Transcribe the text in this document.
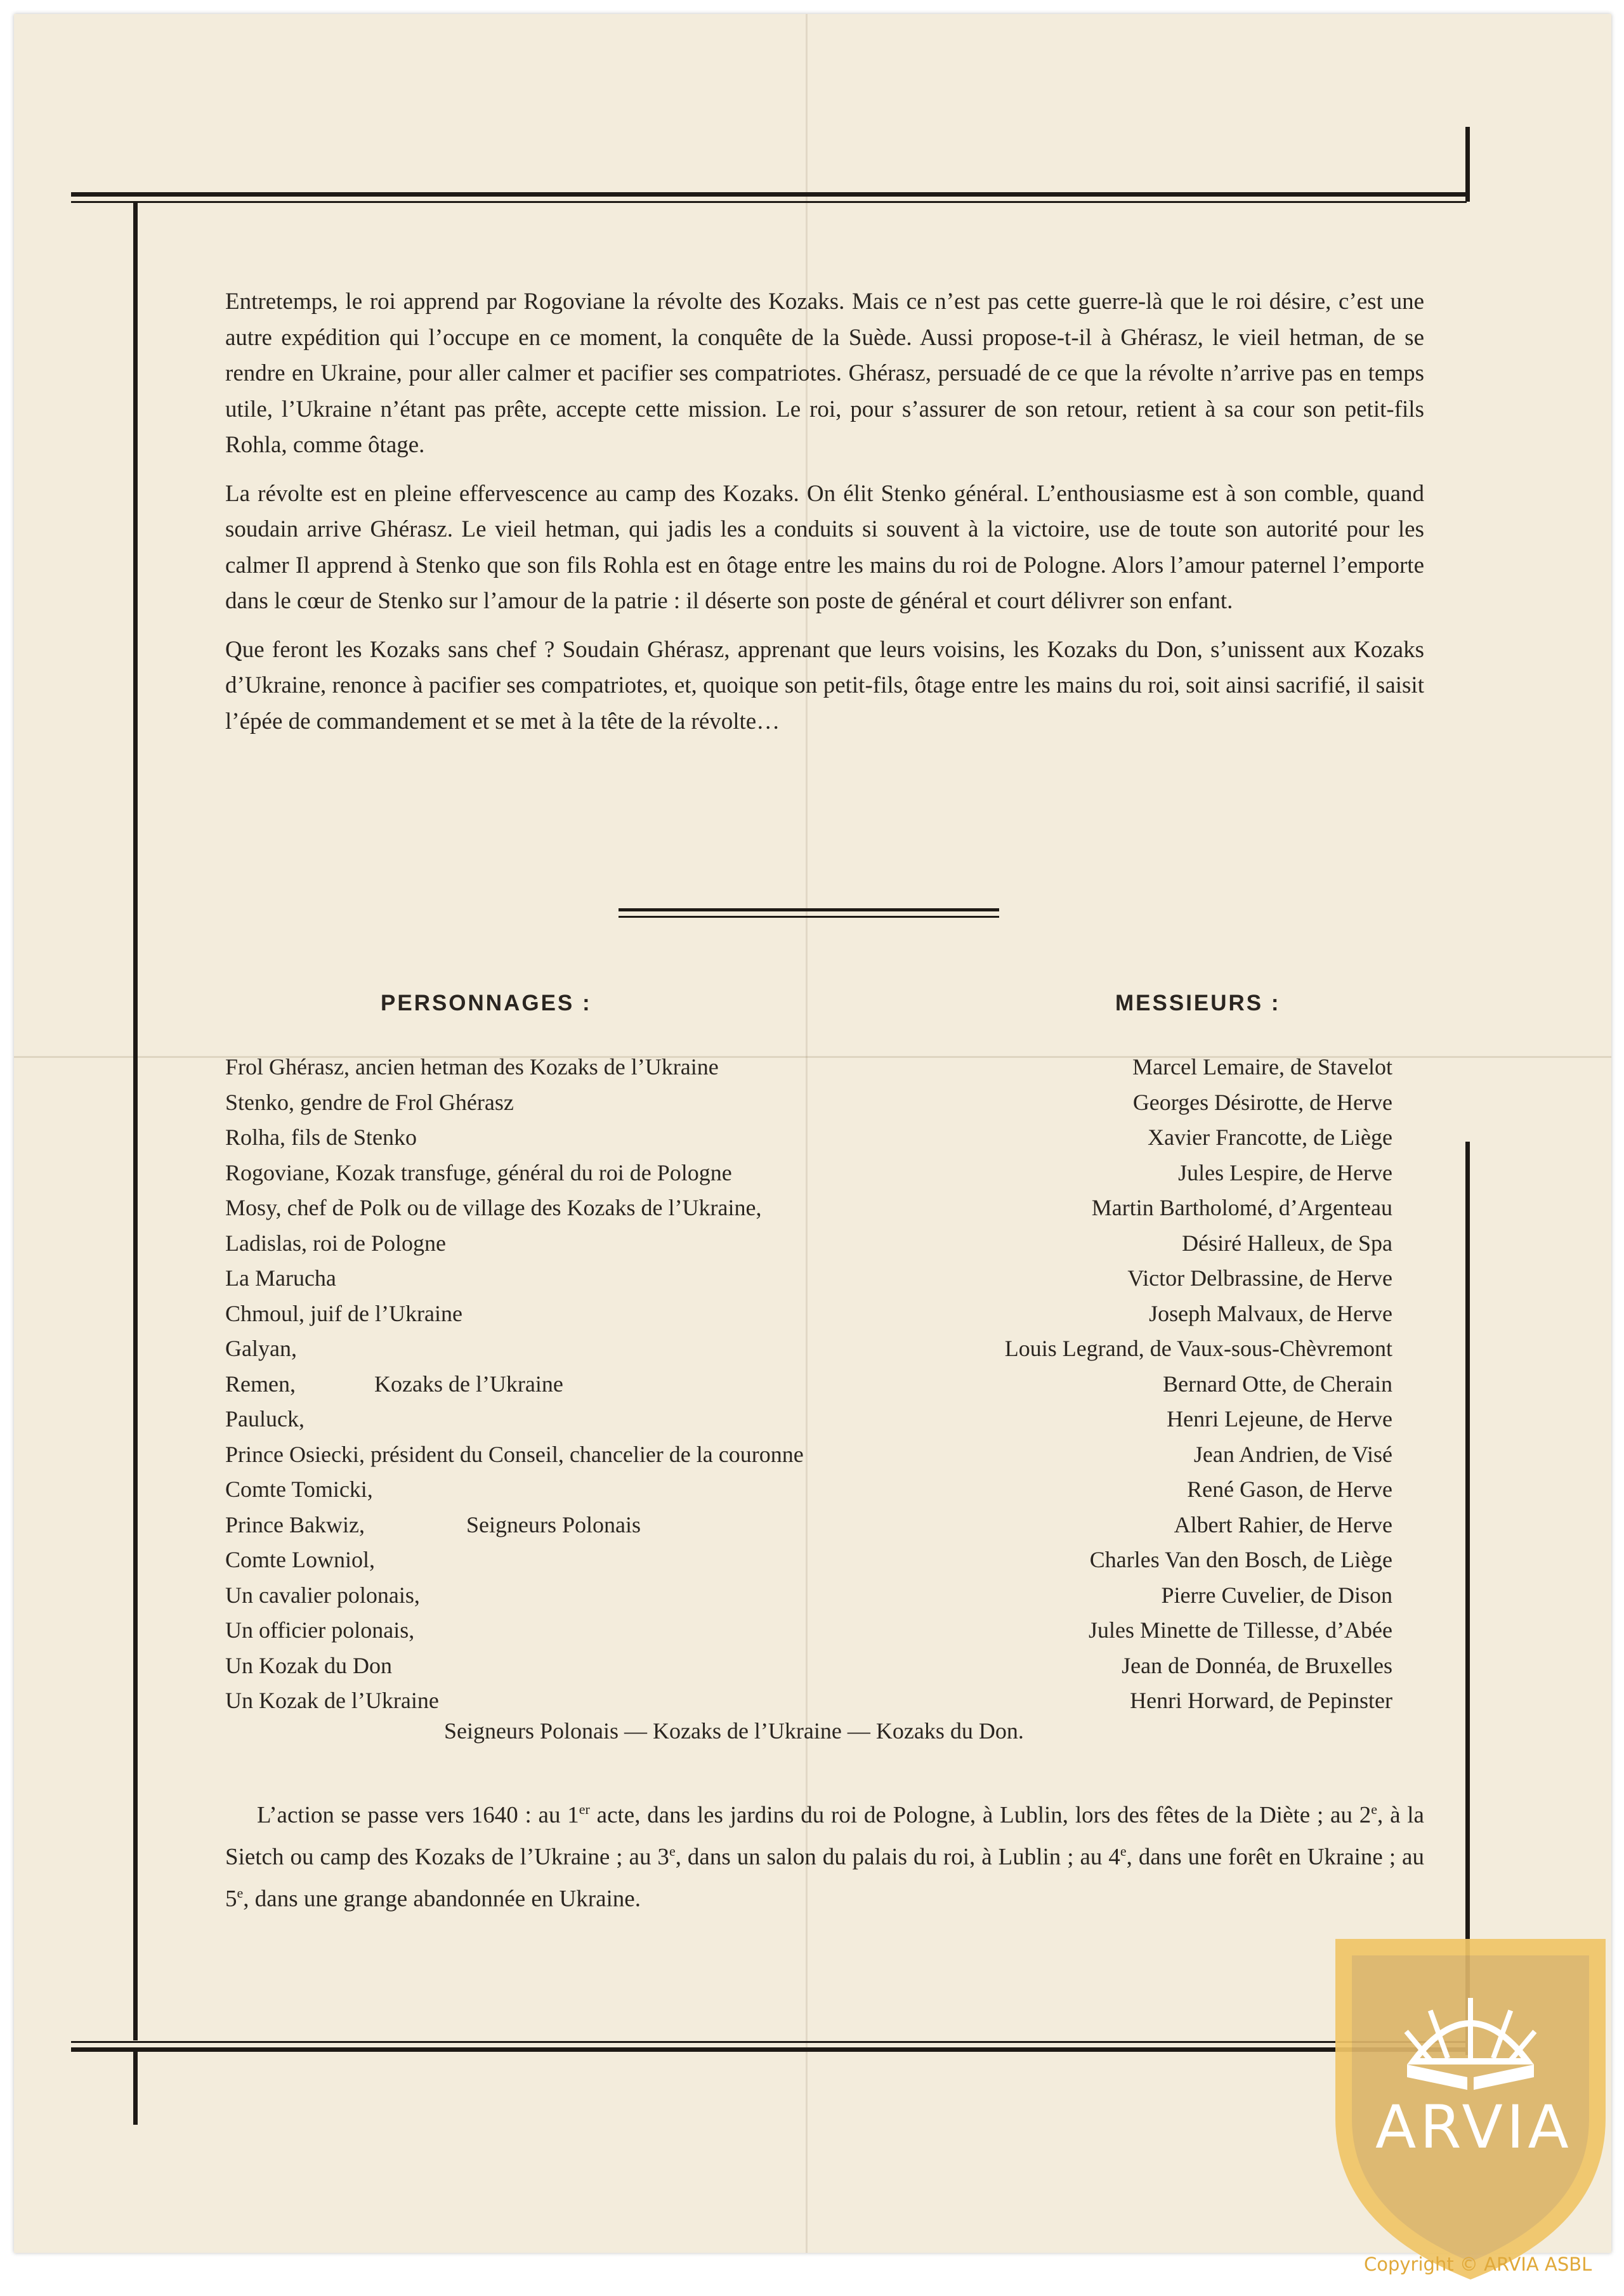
Entretemps, le roi apprend par Rogoviane la révolte des Kozaks. Mais ce n’est pas cette guerre-là que le roi désire, c’est une autre expédition qui l’occupe en ce moment, la conquête de la Suède. Aussi propose-t-il à Ghérasz, le vieil hetman, de se rendre en Ukraine, pour aller calmer et pacifier ses compatriotes. Ghérasz, persuadé de ce que la révolte n’arrive pas en temps utile, l’Ukraine n’étant pas prête, accepte cette mission. Le roi, pour s’assurer de son retour, retient à sa cour son petit-fils Rohla, comme ôtage.

La révolte est en pleine effervescence au camp des Kozaks. On élit Stenko général. L’enthousiasme est à son comble, quand soudain arrive Ghérasz. Le vieil hetman, qui jadis les a conduits si souvent à la victoire, use de toute son autorité pour les calmer Il apprend à Stenko que son fils Rohla est en ôtage entre les mains du roi de Pologne. Alors l’amour paternel l’emporte dans le cœur de Stenko sur l’amour de la patrie : il déserte son poste de général et court délivrer son enfant.

Que feront les Kozaks sans chef ? Soudain Ghérasz, apprenant que leurs voisins, les Kozaks du Don, s’unissent aux Kozaks d’Ukraine, renonce à pacifier ses compatriotes, et, quoique son petit-fils, ôtage entre les mains du roi, soit ainsi sacrifié, il saisit l’épée de commandement et se met à la tête de la révolte…

PERSONNAGES :	MESSIEURS :
Frol Ghérasz, ancien hetman des Kozaks de l’Ukraine	Marcel Lemaire, de Stavelot
Stenko, gendre de Frol Ghérasz	Georges Désirotte, de Herve
Rolha, fils de Stenko	Xavier Francotte, de Liège
Rogoviane, Kozak transfuge, général du roi de Pologne	Jules Lespire, de Herve
Mosy, chef de Polk ou de village des Kozaks de l’Ukraine,	Martin Bartholomé, d’Argenteau
Ladislas, roi de Pologne	Désiré Halleux, de Spa
La Marucha	Victor Delbrassine, de Herve
Chmoul, juif de l’Ukraine	Joseph Malvaux, de Herve
Galyan,	Louis Legrand, de Vaux-sous-Chèvremont
Remen,	Kozaks de l’Ukraine	Bernard Otte, de Cherain
Pauluck,	Henri Lejeune, de Herve
Prince Osiecki, président du Conseil, chancelier de la couronne	Jean Andrien, de Visé
Comte Tomicki,	René Gason, de Herve
Prince Bakwiz,	Seigneurs Polonais	Albert Rahier, de Herve
Comte Lowniol,	Charles Van den Bosch, de Liège
Un cavalier polonais,	Pierre Cuvelier, de Dison
Un officier polonais,	Jules Minette de Tillesse, d’Abée
Un Kozak du Don	Jean de Donnéa, de Bruxelles
Un Kozak de l’Ukraine	Henri Horward, de Pepinster
Seigneurs Polonais — Kozaks de l’Ukraine — Kozaks du Don.
L’action se passe vers 1640 : au 1er acte, dans les jardins du roi de Pologne, à Lublin, lors des fêtes de la Diète ; au 2e, à la Sietch ou camp des Kozaks de l’Ukraine ; au 3e, dans un salon du palais du roi, à Lublin ; au 4e, dans une forêt en Ukraine ; au 5e, dans une grange abandonnée en Ukraine.
ARVIA
Copyright © ARVIA ASBL
